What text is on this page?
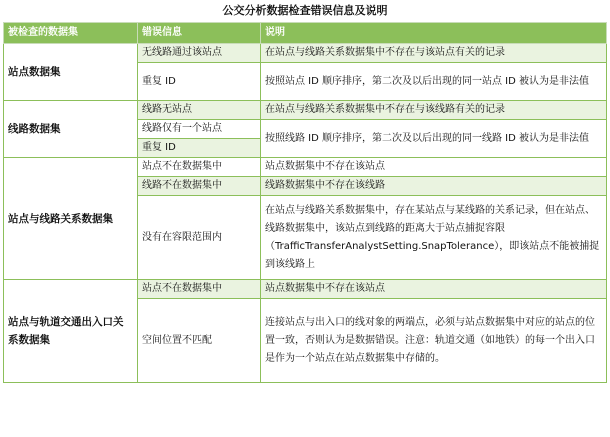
公交分析数据检查错误信息及说明
被检查的数据集	错误信息	说明
站点数据集	无线路通过该站点	在站点与线路关系数据集中不存在与该站点有关的记录
	重复 ID	按照站点 ID 顺序排序，第二次及以后出现的同一站点 ID 被认为是非法值
线路数据集	线路无站点	在站点与线路关系数据集中不存在与该线路有关的记录
	线路仅有一个站点	按照线路 ID 顺序排序，第二次及以后出现的同一线路 ID 被认为是非法值
	重复 ID	
站点与线路关系数据集	站点不在数据集中	站点数据集中不存在该站点
	线路不在数据集中	线路数据集中不存在该线路
	没有在容限范围内	在站点与线路关系数据集中，存在某站点与某线路的关系记录，但在站点、线路数据集中，该站点到线路的距离大于站点捕捉容限（TrafficTransferAnalystSetting.SnapTolerance），即该站点不能被捕捉到该线路上
站点与轨道交通出入口关系数据集	站点不在数据集中	站点数据集中不存在该站点
	空间位置不匹配	连接站点与出入口的线对象的两端点，必须与站点数据集中对应的站点的位置一致，否则认为是数据错误。注意：轨道交通（如地铁）的每一个出入口是作为一个站点在站点数据集中存储的。
